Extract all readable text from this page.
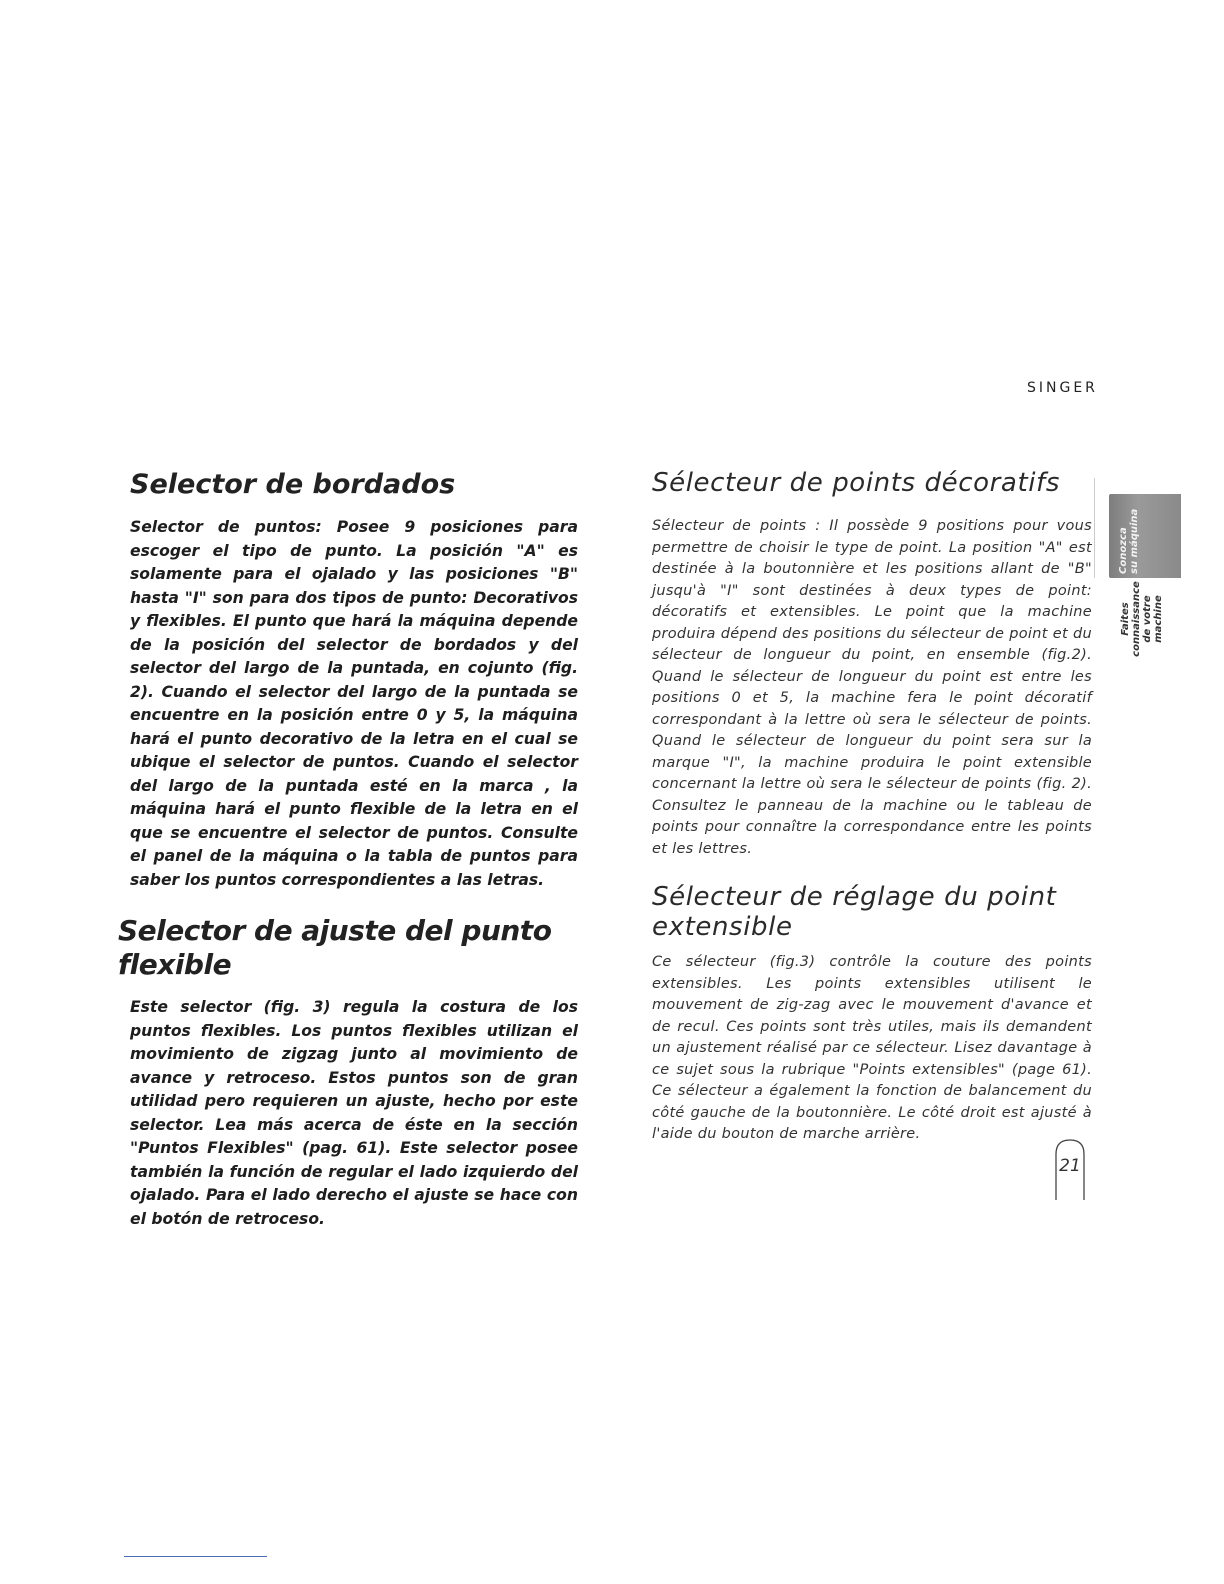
SINGER
Selector de bordados

Selector de puntos: Posee 9 posiciones para escoger el tipo de punto. La posición "A" es solamente para el ojalado y las posiciones "B" hasta "I" son para dos tipos de punto: Decorativos y flexibles. El punto que hará la máquina depende de la posición del selector de bordados y del selector del largo de la puntada, en cojunto (fig. 2). Cuando el selector del largo de la puntada se encuentre en la posición entre 0 y 5, la máquina hará el punto decorativo de la letra en el cual se ubique el selector de puntos. Cuando el selector del largo de la puntada esté en la marca , la máquina hará el punto flexible de la letra en el que se encuentre el selector de puntos. Consulte el panel de la máquina o la tabla de puntos para saber los puntos correspondientes a las letras.

Selector de ajuste del punto flexible

Este selector (fig. 3) regula la costura de los puntos flexibles. Los puntos flexibles utilizan el movimiento de zigzag junto al movimiento de avance y retroceso. Estos puntos son de gran utilidad pero requieren un ajuste, hecho por este selector. Lea más acerca de éste en la sección "Puntos Flexibles" (pag. 61). Este selector posee también la función de regular el lado izquierdo del ojalado. Para el lado derecho el ajuste se hace con el botón de retroceso.

Sélecteur de points décoratifs

Sélecteur de points : Il possède 9 positions pour vous permettre de choisir le type de point. La position "A" est destinée à la boutonnière et les positions allant de "B" jusqu'à "I" sont destinées à deux types de point: décoratifs et extensibles. Le point que la machine produira dépend des positions du sélecteur de point et du sélecteur de longueur du point, en ensemble (fig.2). Quand le sélecteur de longueur du point est entre les positions 0 et 5, la machine fera le point décoratif correspondant à la lettre où sera le sélecteur de points. Quand le sélecteur de longueur du point sera sur la marque "I", la machine produira le point extensible concernant la lettre où sera le sélecteur de points (fig. 2). Consultez le panneau de la machine ou le tableau de points pour connaître la correspondance entre les points et les lettres.

Sélecteur de réglage du point extensible

Ce sélecteur (fig.3) contrôle la couture des points extensibles. Les points extensibles utilisent le mouvement de zig-zag avec le mouvement d'avance et de recul. Ces points sont très utiles, mais ils demandent un ajustement réalisé par ce sélecteur. Lisez davantage à ce sujet sous la rubrique "Points extensibles" (page 61). Ce sélecteur a également la fonction de balancement du côté gauche de la boutonnière. Le côté droit est ajusté à l'aide du bouton de marche arrière.

Conozca su máquina
Faites connaissance de votre machine
21
